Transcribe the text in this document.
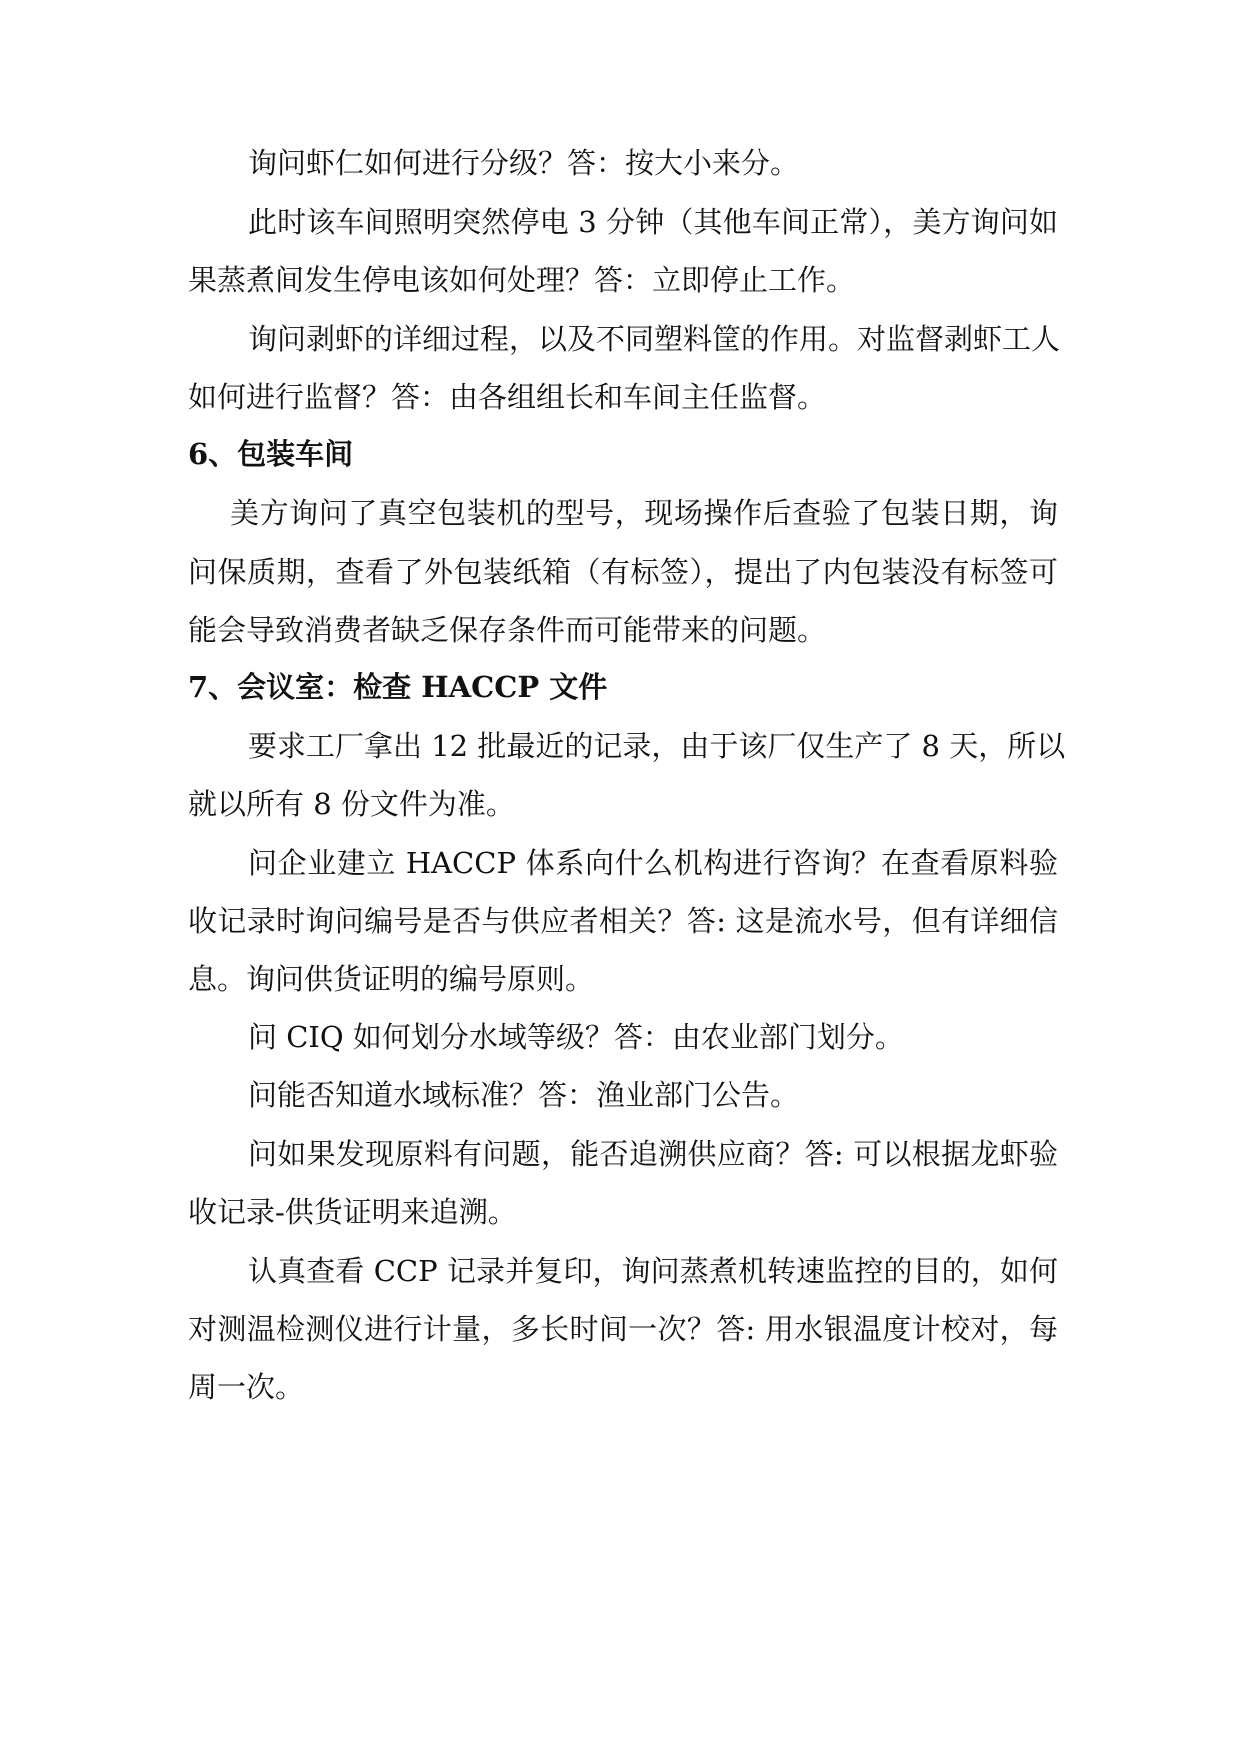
询问虾仁如何进行分级？答：按大小来分。
此时该车间照明突然停电 3 分钟（其他车间正常），美方询问如
果蒸煮间发生停电该如何处理？答：立即停止工作。
询问剥虾的详细过程，以及不同塑料筐的作用。对监督剥虾工人
如何进行监督？答：由各组组长和车间主任监督。
6、包装车间
美方询问了真空包装机的型号，现场操作后查验了包装日期，询
问保质期，查看了外包装纸箱（有标签），提出了内包装没有标签可
能会导致消费者缺乏保存条件而可能带来的问题。
7、会议室：检查 HACCP 文件
要求工厂拿出 12 批最近的记录，由于该厂仅生产了 8 天，所以
就以所有 8 份文件为准。
问企业建立 HACCP 体系向什么机构进行咨询？在查看原料验
收记录时询问编号是否与供应者相关？答: 这是流水号，但有详细信
息。询问供货证明的编号原则。
问 CIQ 如何划分水域等级？答：由农业部门划分。
问能否知道水域标准？答：渔业部门公告。
问如果发现原料有问题，能否追溯供应商？答: 可以根据龙虾验
收记录-供货证明来追溯。
认真查看 CCP 记录并复印，询问蒸煮机转速监控的目的，如何
对测温检测仪进行计量，多长时间一次？答: 用水银温度计校对，每
周一次。
